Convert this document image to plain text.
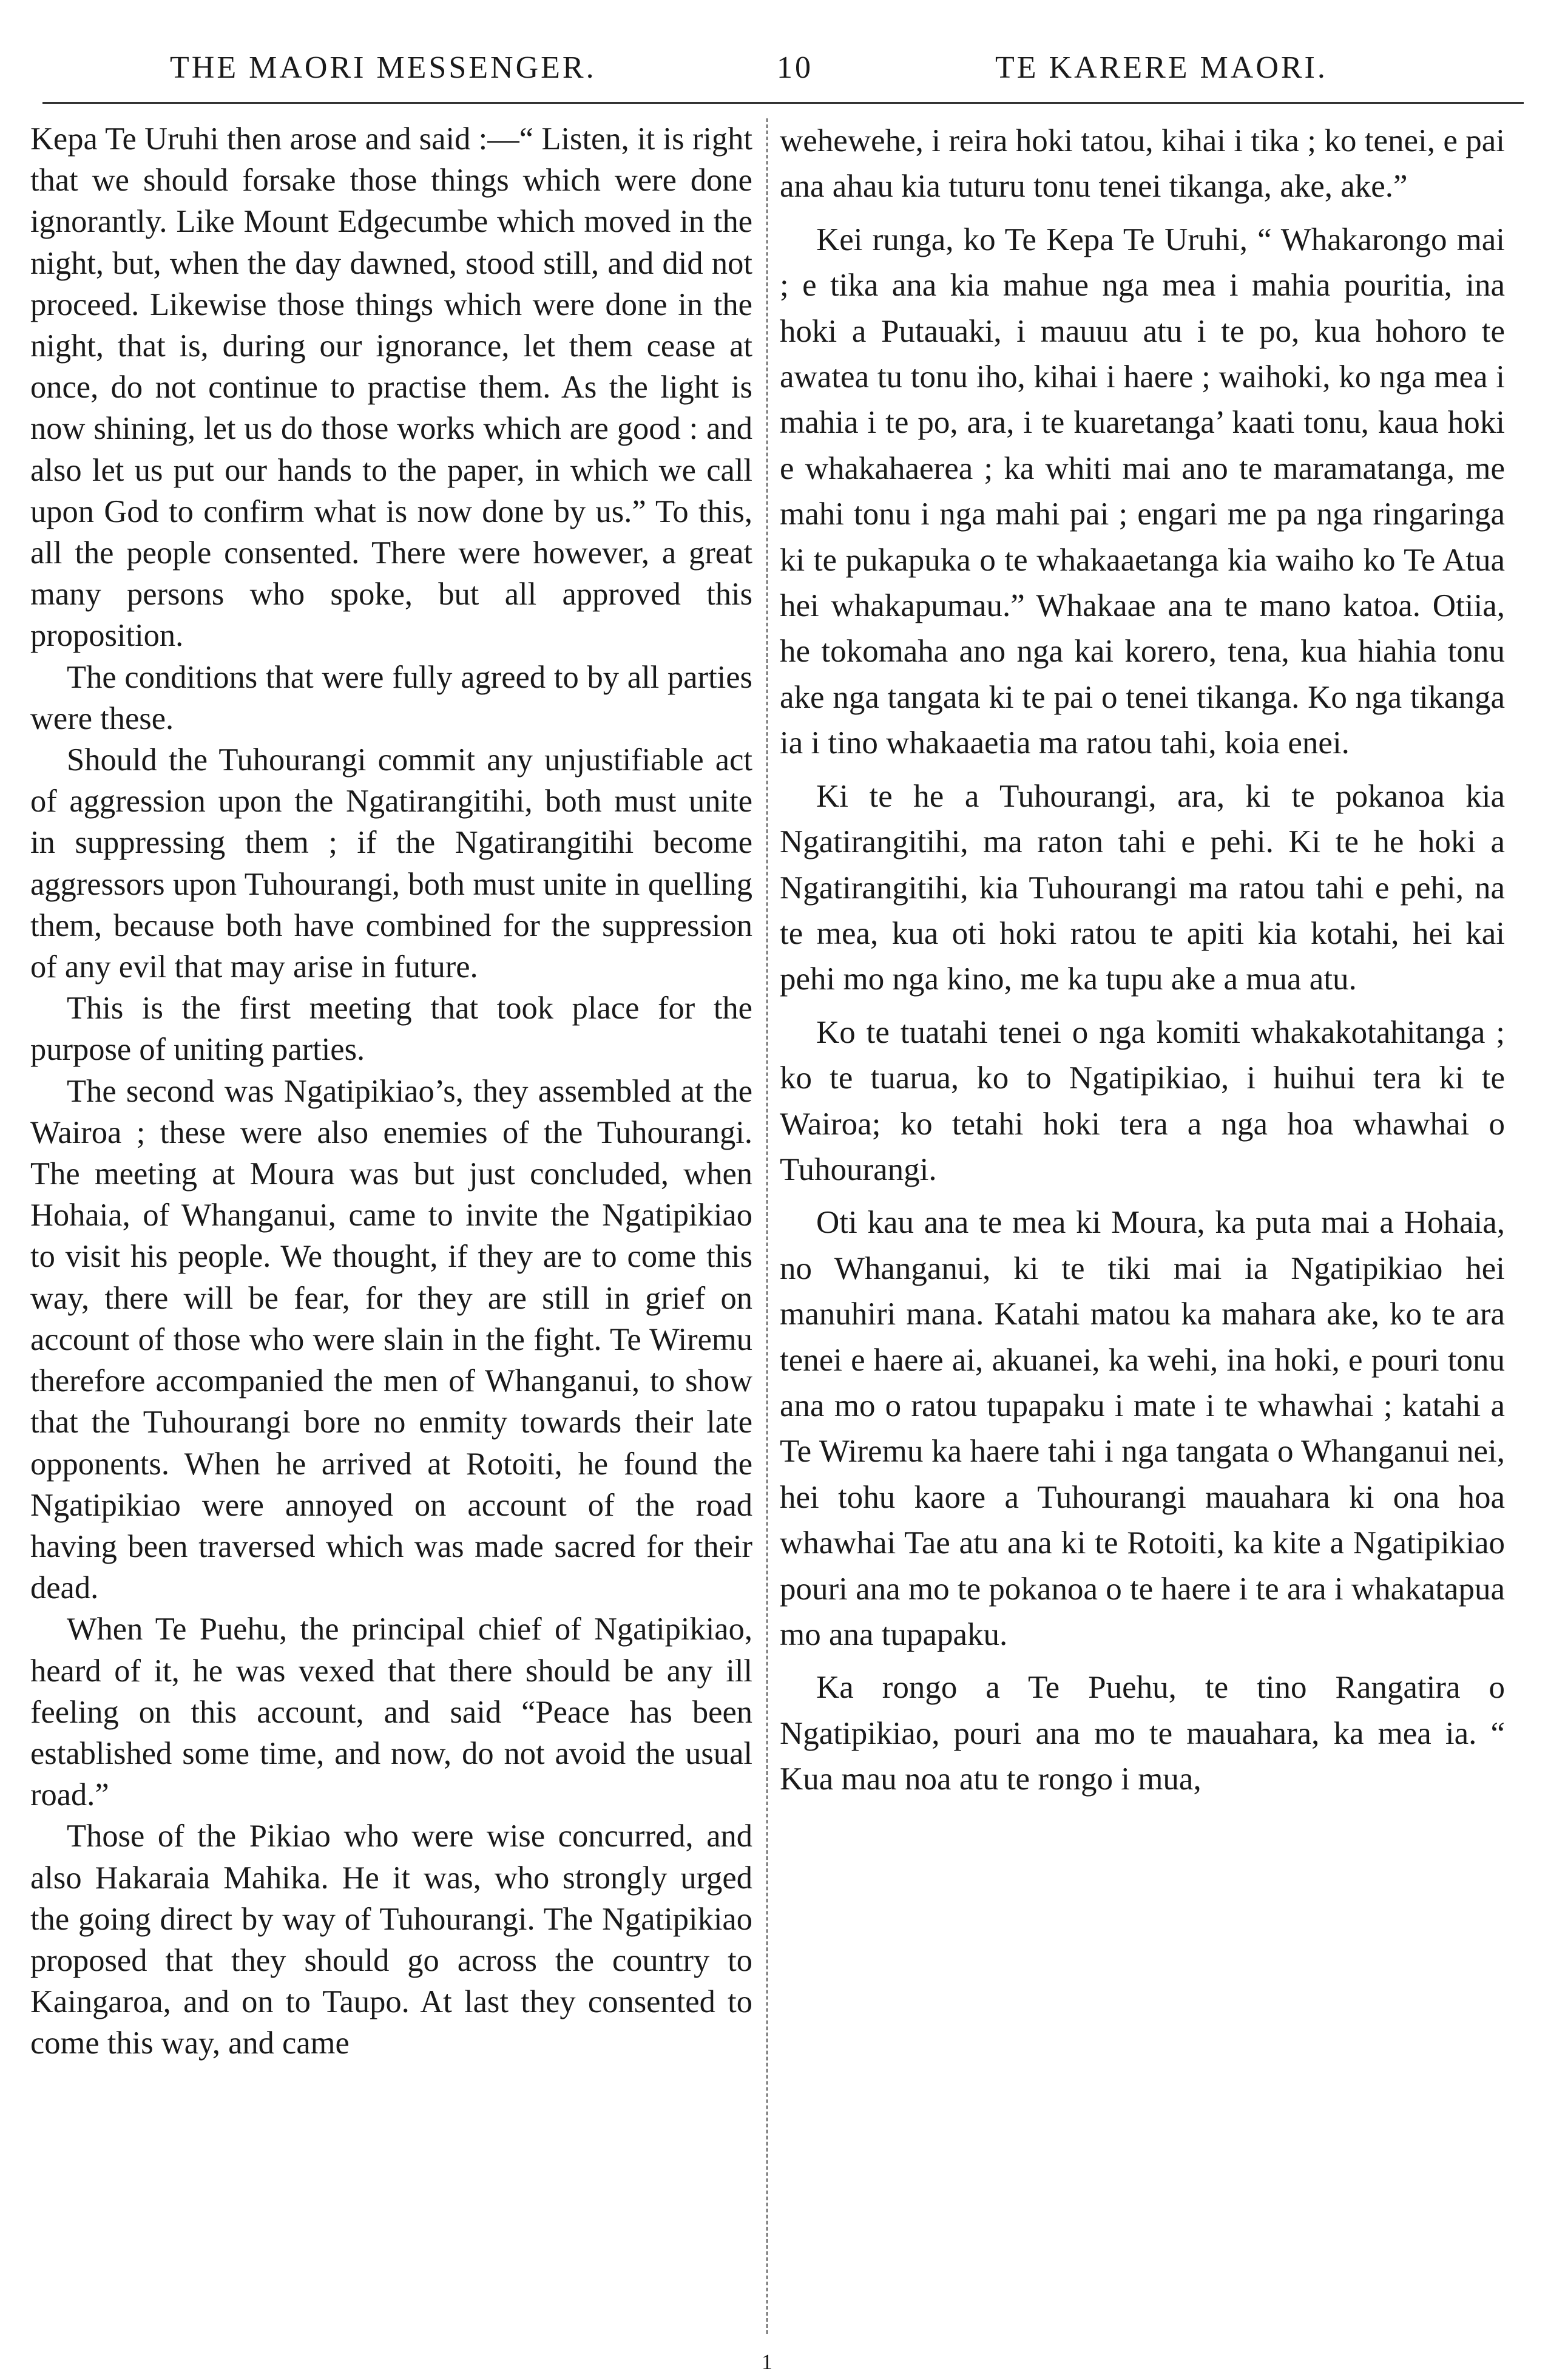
THE MAORI MESSENGER.	10	TE KARERE MAORI.

Kepa Te Uruhi then arose and said :—“ Listen, it is right that we should forsake those things which were done ignorantly. Like Mount Edgecumbe which moved in the night, but, when the day dawned, stood still, and did not proceed. Likewise those things which were done in the night, that is, during our ignorance, let them cease at once, do not continue to practise them. As the light is now shining, let us do those works which are good : and also let us put our hands to the paper, in which we call upon God to confirm what is now done by us.” To this, all the people consented. There were however, a great many persons who spoke, but all approved this proposition.

The conditions that were fully agreed to by all parties were these.

Should the Tuhourangi commit any unjustifiable act of aggression upon the Ngatirangitihi, both must unite in suppressing them ; if the Ngatirangitihi become aggressors upon Tuhourangi, both must unite in quelling them, because both have combined for the suppression of any evil that may arise in future.

This is the first meeting that took place for the purpose of uniting parties.

The second was Ngatipikiao’s, they assembled at the Wairoa ; these were also enemies of the Tuhourangi. The meeting at Moura was but just concluded, when Hohaia, of Whanganui, came to invite the Ngatipikiao to visit his people. We thought, if they are to come this way, there will be fear, for they are still in grief on account of those who were slain in the fight. Te Wiremu therefore accompanied the men of Whanganui, to show that the Tuhourangi bore no enmity towards their late opponents. When he arrived at Rotoiti, he found the Ngatipikiao were annoyed on account of the road having been traversed which was made sacred for their dead.

When Te Puehu, the principal chief of Ngatipikiao, heard of it, he was vexed that there should be any ill feeling on this account, and said “Peace has been established some time, and now, do not avoid the usual road.”

Those of the Pikiao who were wise concurred, and also Hakaraia Mahika. He it was, who strongly urged the going direct by way of Tuhourangi. The Ngatipikiao proposed that they should go across the country to Kaingaroa, and on to Taupo. At last they consented to come this way, and came

wehewehe, i reira hoki tatou, kihai i tika ; ko tenei, e pai ana ahau kia tuturu tonu tenei tikanga, ake, ake.”

Kei runga, ko Te Kepa Te Uruhi, “ Whakarongo mai ; e tika ana kia mahue nga mea i mahia pouritia, ina hoki a Putauaki, i mauuu atu i te po, kua hohoro te awatea tu tonu iho, kihai i haere ; waihoki, ko nga mea i mahia i te po, ara, i te kuaretanga’ kaati tonu, kaua hoki e whakahaerea ; ka whiti mai ano te maramatanga, me mahi tonu i nga mahi pai ; engari me pa nga ringaringa ki te pukapuka o te whakaaetanga kia waiho ko Te Atua hei whakapumau.” Whakaae ana te mano katoa. Otiia, he tokomaha ano nga kai korero, tena, kua hiahia tonu ake nga tangata ki te pai o tenei tikanga. Ko nga tikanga ia i tino whakaaetia ma ratou tahi, koia enei.

Ki te he a Tuhourangi, ara, ki te pokanoa kia Ngatirangitihi, ma raton tahi e pehi. Ki te he hoki a Ngatirangitihi, kia Tuhourangi ma ratou tahi e pehi, na te mea, kua oti hoki ratou te apiti kia kotahi, hei kai pehi mo nga kino, me ka tupu ake a mua atu.

Ko te tuatahi tenei o nga komiti whakakotahitanga ; ko te tuarua, ko to Ngatipikiao, i huihui tera ki te Wairoa; ko tetahi hoki tera a nga hoa whawhai o Tuhourangi.

Oti kau ana te mea ki Moura, ka puta mai a Hohaia, no Whanganui, ki te tiki mai ia Ngatipikiao hei manuhiri mana. Katahi matou ka mahara ake, ko te ara tenei e haere ai, akuanei, ka wehi, ina hoki, e pouri tonu ana mo o ratou tupapaku i mate i te whawhai ; katahi a Te Wiremu ka haere tahi i nga tangata o Whanganui nei, hei tohu kaore a Tuhourangi mauahara ki ona hoa whawhai Tae atu ana ki te Rotoiti, ka kite a Ngatipikiao pouri ana mo te pokanoa o te haere i te ara i whakatapua mo ana tupapaku.

Ka rongo a Te Puehu, te tino Rangatira o Ngatipikiao, pouri ana mo te mauahara, ka mea ia. “ Kua mau noa atu te rongo i mua,

1
